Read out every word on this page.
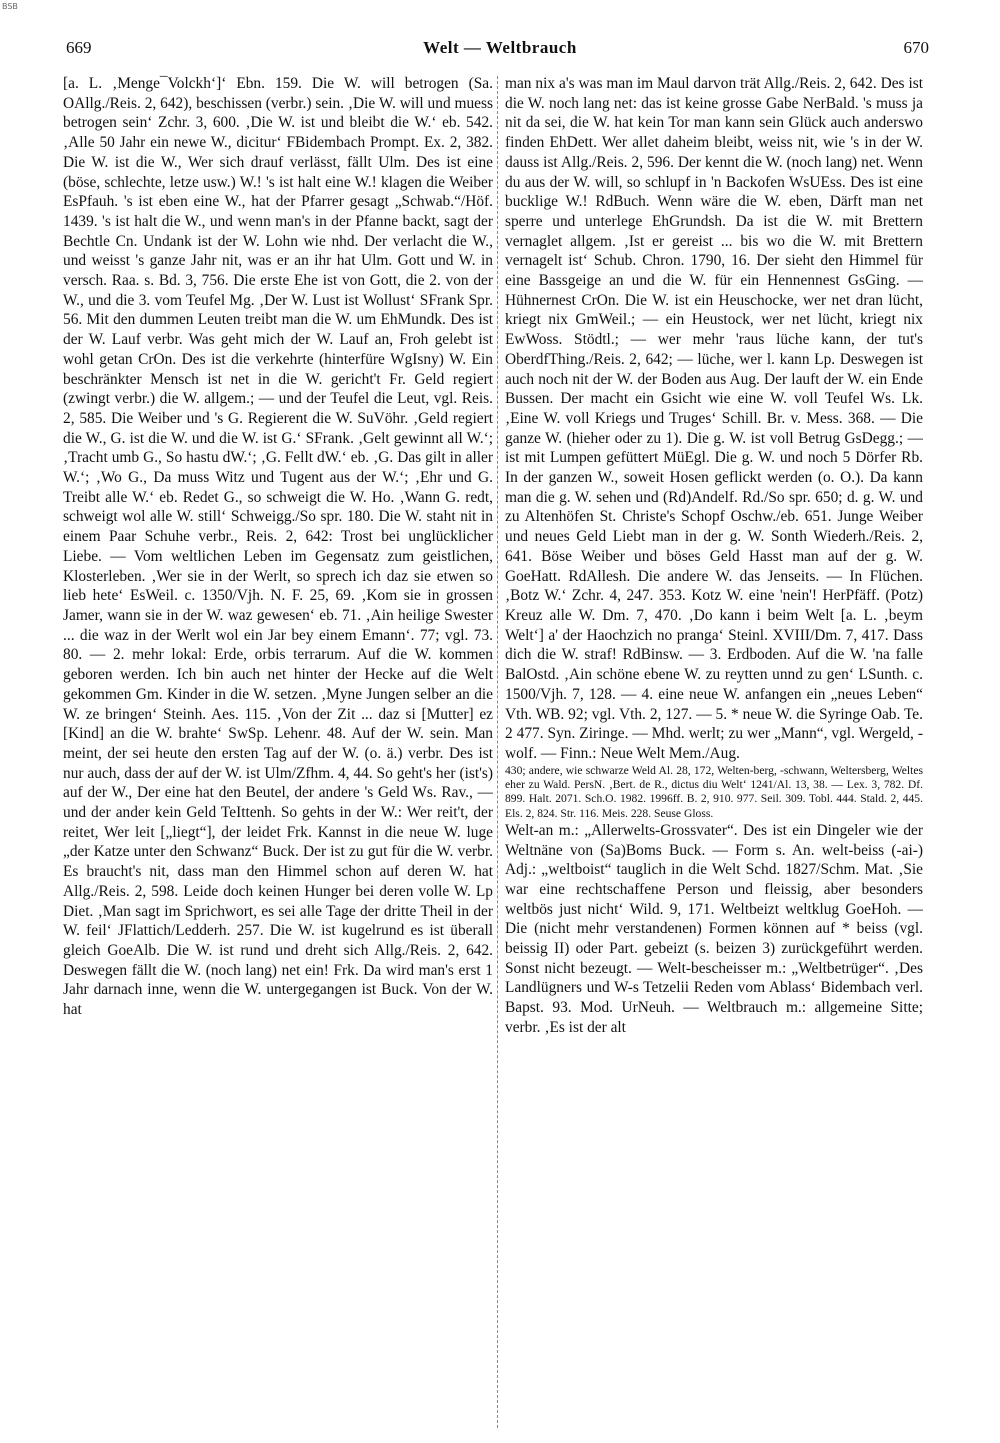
BSB
669	Welt — Weltbrauch	670

[a. L. ‚Menge¯Volckh‘]‘ Ebn. 159. Die W. will betrogen (Sa. OAllg./Reis. 2, 642), beschissen (verbr.) sein. ‚Die W. will und muess betrogen sein‘ Zchr. 3, 600. ‚Die W. ist und bleibt die W.‘ eb. 542. ‚Alle 50 Jahr ein newe W., dicitur‘ FBidembach Prompt. Ex. 2, 382. Die W. ist die W., Wer sich drauf verlässt, fällt Ulm. Des ist eine (böse, schlechte, letze usw.) W.! 's ist halt eine W.! klagen die Weiber EsPfauh. 's ist eben eine W., hat der Pfarrer gesagt „Schwab.“/Höf. 1439. 's ist halt die W., und wenn man's in der Pfanne backt, sagt der Bechtle Cn. Undank ist der W. Lohn wie nhd. Der verlacht die W., und weisst 's ganze Jahr nit, was er an ihr hat Ulm. Gott und W. in versch. Raa. s. Bd. 3, 756. Die erste Ehe ist von Gott, die 2. von der W., und die 3. vom Teufel Mg. ‚Der W. Lust ist Wollust‘ SFrank Spr. 56. Mit den dummen Leuten treibt man die W. um EhMundk. Des ist der W. Lauf verbr. Was geht mich der W. Lauf an, Froh gelebt ist wohl getan CrOn. Des ist die verkehrte (hinterfüre WgIsny) W. Ein beschränkter Mensch ist net in die W. gericht't Fr. Geld regiert (zwingt verbr.) die W. allgem.; — und der Teufel die Leut, vgl. Reis. 2, 585. Die Weiber und 's G. Regierent die W. SuVöhr. ‚Geld regiert die W., G. ist die W. und die W. ist G.‘ SFrank. ‚Gelt gewinnt all W.‘; ‚Tracht umb G., So hastu dW.‘; ‚G. Fellt dW.‘ eb. ‚G. Das gilt in aller W.‘; ‚Wo G., Da muss Witz und Tugent aus der W.‘; ‚Ehr und G. Treibt alle W.‘ eb. Redet G., so schweigt die W. Ho. ‚Wann G. redt, schweigt wol alle W. still‘ Schweigg./So spr. 180. Die W. staht nit in einem Paar Schuhe verbr., Reis. 2, 642: Trost bei unglücklicher Liebe. — Vom weltlichen Leben im Gegensatz zum geistlichen, Klosterleben. ‚Wer sie in der Werlt, so sprech ich daz sie etwen so lieb hete‘ EsWeil. c. 1350/Vjh. N. F. 25, 69. ‚Kom sie in grossen Jamer, wann sie in der W. waz gewesen‘ eb. 71. ‚Ain heilige Swester ... die waz in der Werlt wol ein Jar bey einem Emann‘. 77; vgl. 73. 80. — 2. mehr lokal: Erde, orbis terrarum. Auf die W. kommen geboren werden. Ich bin auch net hinter der Hecke auf die Welt gekommen Gm. Kinder in die W. setzen. ‚Myne Jungen selber an die W. ze bringen‘ Steinh. Aes. 115. ‚Von der Zit ... daz si [Mutter] ez [Kind] an die W. brahte‘ SwSp. Lehenr. 48. Auf der W. sein. Man meint, der sei heute den ersten Tag auf der W. (o. ä.) verbr. Des ist nur auch, dass der auf der W. ist Ulm/Zfhm. 4, 44. So geht's her (ist's) auf der W., Der eine hat den Beutel, der andere 's Geld Ws. Rav., — und der ander kein Geld TeIttenh. So gehts in der W.: Wer reit't, der reitet, Wer leit [„liegt“], der leidet Frk. Kannst in die neue W. luge „der Katze unter den Schwanz“ Buck. Der ist zu gut für die W. verbr. Es braucht's nit, dass man den Himmel schon auf deren W. hat Allg./Reis. 2, 598. Leide doch keinen Hunger bei deren volle W. Lp Diet. ‚Man sagt im Sprichwort, es sei alle Tage der dritte Theil in der W. feil‘ JFlattich/Ledderh. 257. Die W. ist kugelrund es ist überall gleich GoeAlb. Die W. ist rund und dreht sich Allg./Reis. 2, 642. Deswegen fällt die W. (noch lang) net ein! Frk. Da wird man's erst 1 Jahr darnach inne, wenn die W. untergegangen ist Buck. Von der W. hat

man nix a's was man im Maul darvon trät Allg./Reis. 2, 642. Des ist die W. noch lang net: das ist keine grosse Gabe NerBald. 's muss ja nit da sei, die W. hat kein Tor man kann sein Glück auch anderswo finden EhDett. Wer allet daheim bleibt, weiss nit, wie 's in der W. dauss ist Allg./Reis. 2, 596. Der kennt die W. (noch lang) net. Wenn du aus der W. will, so schlupf in 'n Backofen WsUEss. Des ist eine bucklige W.! RdBuch. Wenn wäre die W. eben, Därft man net sperre und unterlege EhGrundsh. Da ist die W. mit Brettern vernaglet allgem. ‚Ist er gereist ... bis wo die W. mit Brettern vernagelt ist‘ Schub. Chron. 1790, 16. Der sieht den Himmel für eine Bassgeige an und die W. für ein Hennennest GsGing. — Hühnernest CrOn. Die W. ist ein Heuschocke, wer net dran lücht, kriegt nix GmWeil.; — ein Heustock, wer net lücht, kriegt nix EwWoss. Stödtl.; — wer mehr 'raus lüche kann, der tut's OberdfThing./Reis. 2, 642; — lüche, wer l. kann Lp. Deswegen ist auch noch nit der W. der Boden aus Aug. Der lauft der W. ein Ende Bussen. Der macht ein Gsicht wie eine W. voll Teufel Ws. Lk. ‚Eine W. voll Kriegs und Truges‘ Schill. Br. v. Mess. 368. — Die ganze W. (hieher oder zu 1). Die g. W. ist voll Betrug GsDegg.; — ist mit Lumpen gefüttert MüEgl. Die g. W. und noch 5 Dörfer Rb. In der ganzen W., soweit Hosen geflickt werden (o. O.). Da kann man die g. W. sehen und (Rd)Andelf. Rd./So spr. 650; d. g. W. und zu Altenhöfen St. Christe's Schopf Oschw./eb. 651. Junge Weiber und neues Geld Liebt man in der g. W. Sonth Wiederh./Reis. 2, 641. Böse Weiber und böses Geld Hasst man auf der g. W. GoeHatt. RdAllesh. Die andere W. das Jenseits. — In Flüchen. ‚Botz W.‘ Zchr. 4, 247. 353. Kotz W. eine 'nein'! HerPfäff. (Potz) Kreuz alle W. Dm. 7, 470. ‚Do kann i beim Welt [a. L. ‚beym Welt‘] a' der Haochzich no pranga‘ Steinl. XVIII/Dm. 7, 417. Dass dich die W. straf! RdBinsw. — 3. Erdboden. Auf die W. 'na falle BalOstd. ‚Ain schöne ebene W. zu reytten unnd zu gen‘ LSunth. c. 1500/Vjh. 7, 128. — 4. eine neue W. anfangen ein „neues Leben“ Vth. WB. 92; vgl. Vth. 2, 127. — 5. * neue W. die Syringe Oab. Te. 2 477. Syn. Ziringe. — Mhd. werlt; zu wer „Mann“, vgl. Wergeld, -wolf. — Finn.: Neue Welt Mem./Aug.

430; andere, wie schwarze Weld Al. 28, 172, Welten-berg, -schwann, Weltersberg, Weltes eher zu Wald. PersN. ‚Bert. de R., dictus diu Welt‘ 1241/Al. 13, 38. — Lex. 3, 782. Df. 899. Halt. 2071. Sch.O. 1982. 1996ff. B. 2, 910. 977. Seil. 309. Tobl. 444. Stald. 2, 445. Els. 2, 824. Str. 116. Meis. 228. Seuse Gloss.

Welt-an m.: „Allerwelts-Grossvater“. Des ist ein Dingeler wie der Weltnäne von (Sa)Boms Buck. — Form s. An. welt-beiss (-ai-) Adj.: „weltboist“ tauglich in die Welt Schd. 1827/Schm. Mat. ‚Sie war eine rechtschaffene Person und fleissig, aber besonders weltbös just nicht‘ Wild. 9, 171. Weltbeizt weltklug GoeHoh. — Die (nicht mehr verstandenen) Formen können auf * beiss (vgl. beissig II) oder Part. gebeizt (s. beizen 3) zurückgeführt werden. Sonst nicht bezeugt. — Welt-bescheisser m.: „Weltbetrüger“. ‚Des Landlügners und W-s Tetzelii Reden vom Ablass‘ Bidembach verl. Bapst. 93. Mod. UrNeuh. — Weltbrauch m.: allgemeine Sitte; verbr. ‚Es ist der alt
